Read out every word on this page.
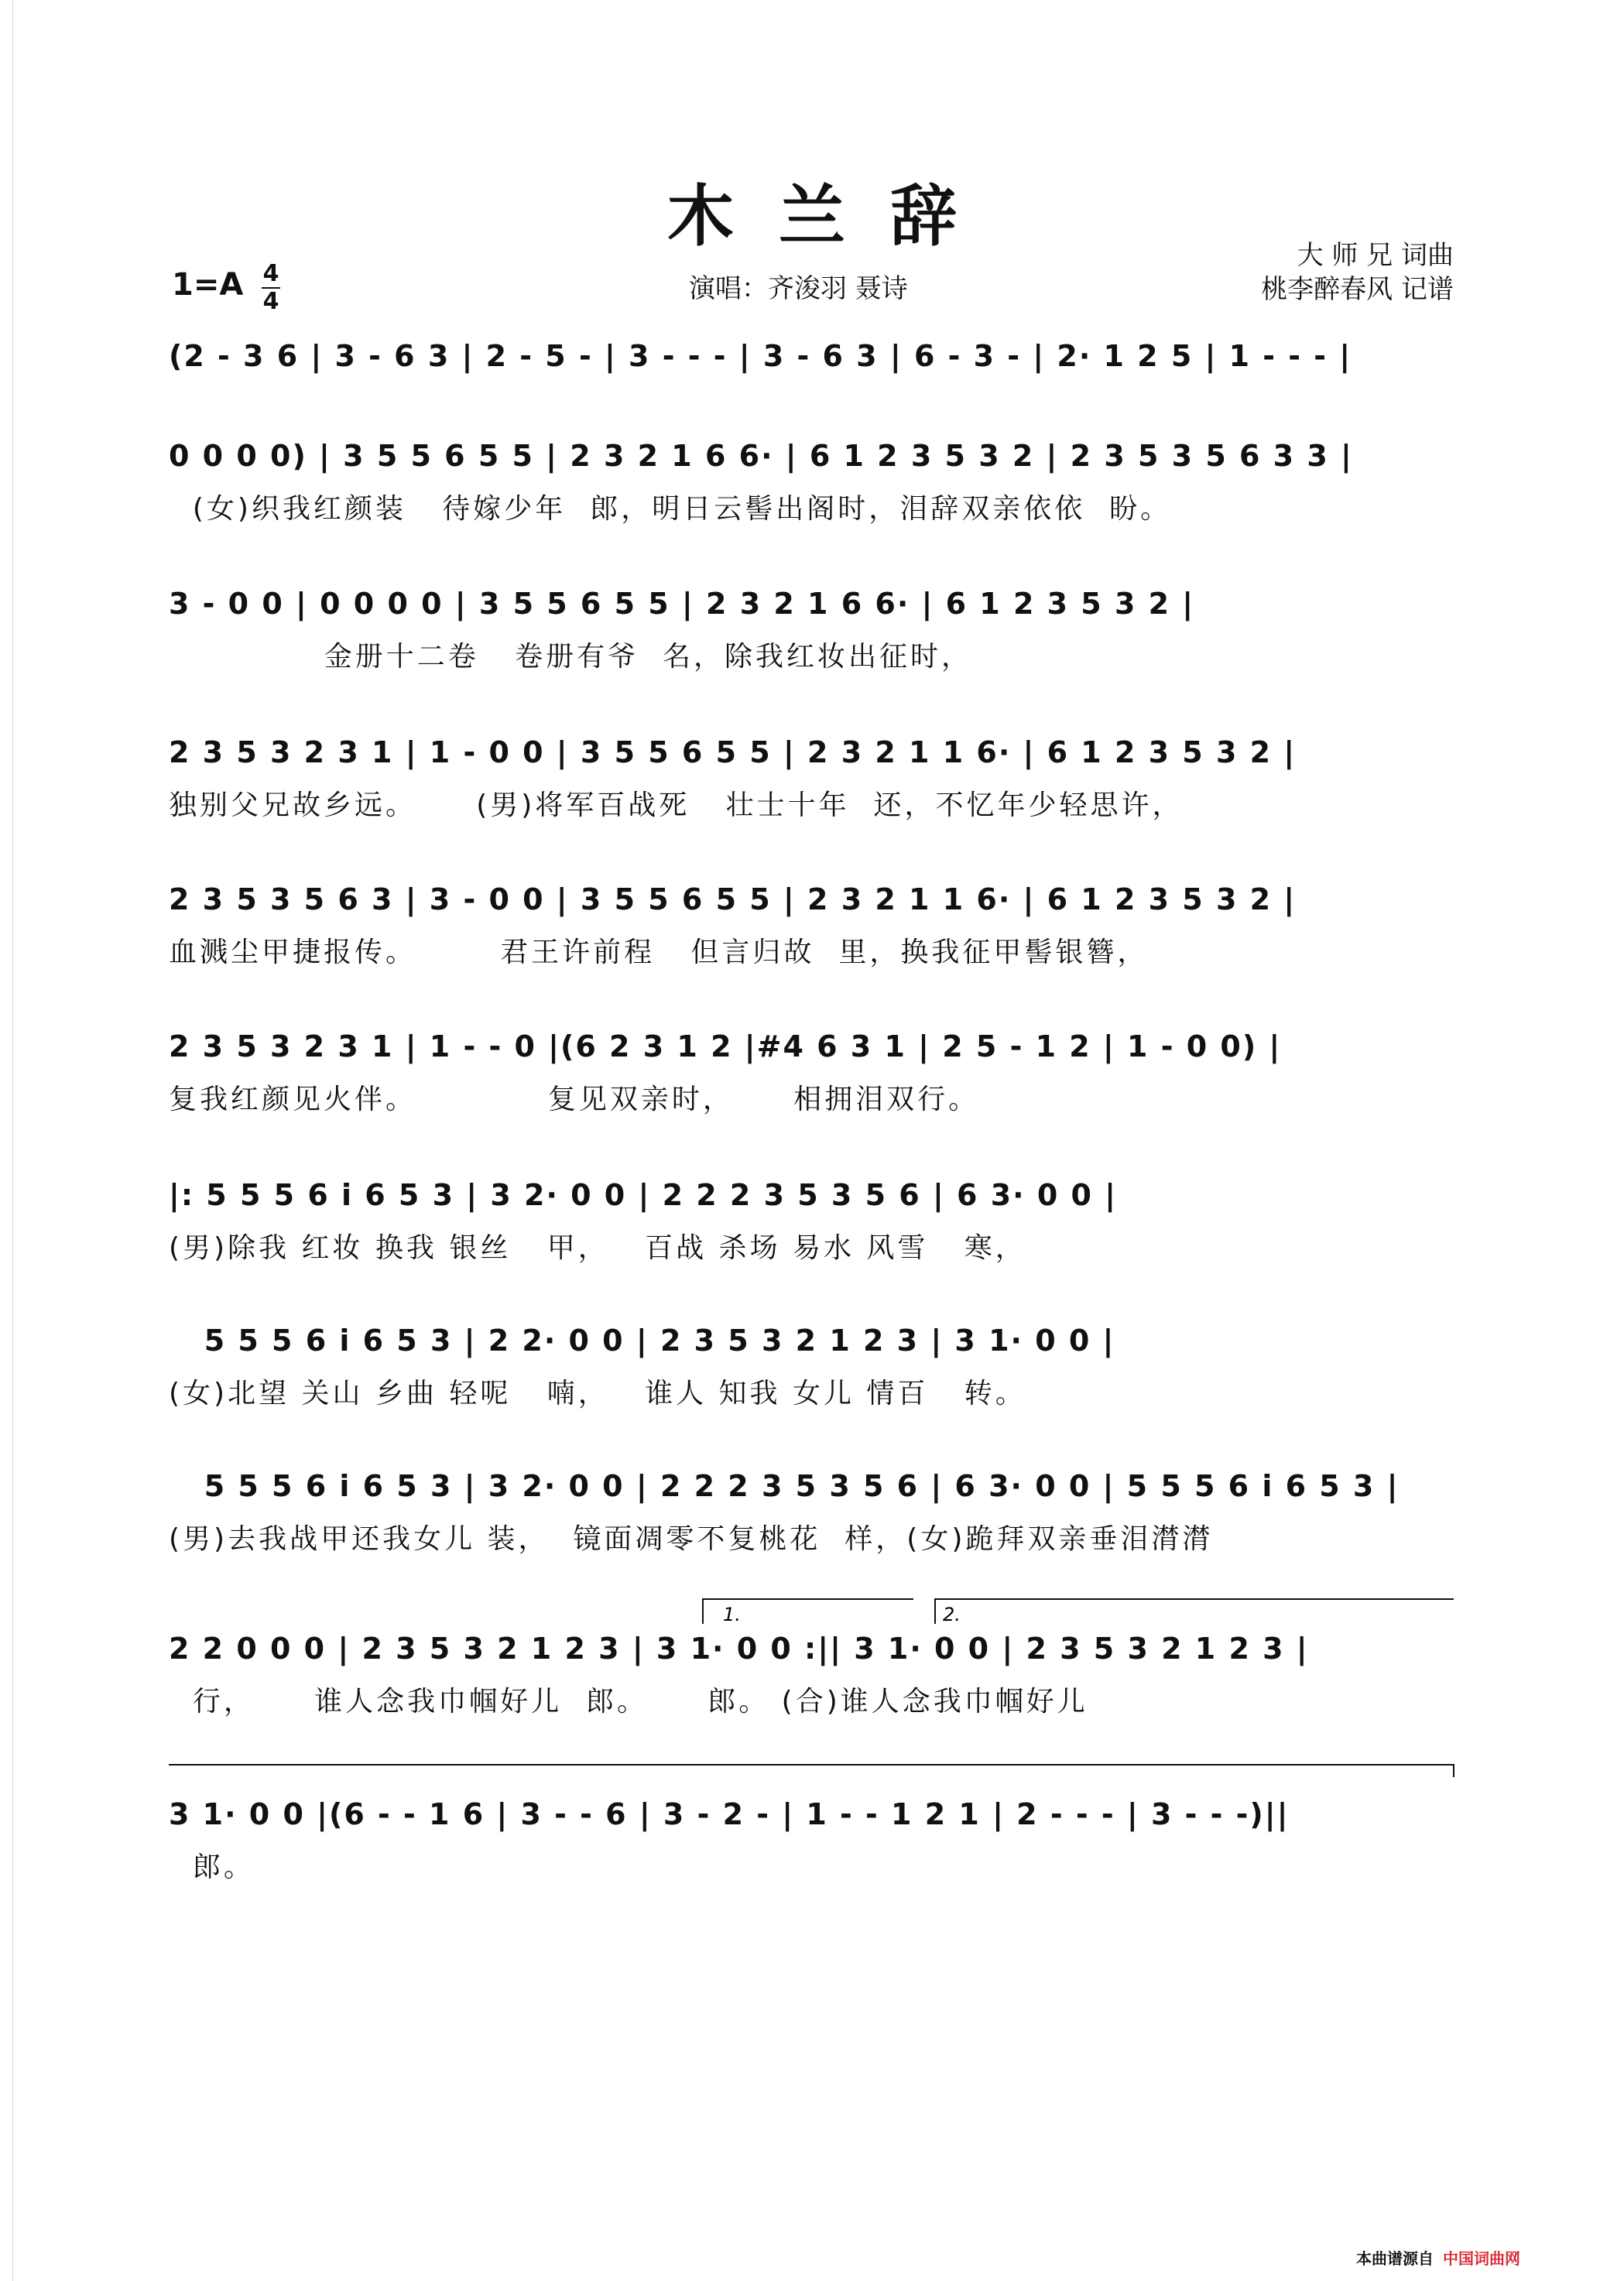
木兰辞	大 师 兄 词曲
桃李醉春风 记谱
1=A 4
4	演唱：齐浚羽 聂诗
(2 - 3 6 | 3 - 6 3 | 2 - 5 - | 3 - - - | 3 - 6 3 | 6 - 3 - | 2· 1 2 5 | 1 - - - |
0 0 0 0) | 3 5 5 6 5 5 | 2 3 2 1 6 6· | 6 1 2 3 5 3 2 | 2 3 5 3 5 6 3 3 |
(女)织我红颜装   待嫁少年  郎，明日云髻出阁时，泪辞双亲依依  盼。
3 - 0 0 | 0 0 0 0 | 3 5 5 6 5 5 | 2 3 2 1 6 6· | 6 1 2 3 5 3 2 |
金册十二卷   卷册有爷  名，除我红妆出征时，
2 3 5 3 2 3 1 | 1 - 0 0 | 3 5 5 6 5 5 | 2 3 2 1 1 6· | 6 1 2 3 5 3 2 |
独别父兄故乡远。     (男)将军百战死   壮士十年  还，不忆年少轻思许，
2 3 5 3 5 6 3 | 3 - 0 0 | 3 5 5 6 5 5 | 2 3 2 1 1 6· | 6 1 2 3 5 3 2 |
血溅尘甲捷报传。       君王许前程   但言归故  里，换我征甲髻银簪，
2 3 5 3 2 3 1 | 1 - - 0 |(6 2 3 1 2 |#4 6 3 1 | 2 5 - 1 2 | 1 - 0 0) |
复我红颜见火伴。           复见双亲时，     相拥泪双行。
|: 5 5 5 6 i 6 5 3 | 3 2· 0 0 | 2 2 2 3 5 3 5 6 | 6 3· 0 0 |
(男)除我 红妆 换我 银丝   甲，   百战 杀场 易水 风雪   寒，
5 5 5 6 i 6 5 3 | 2 2· 0 0 | 2 3 5 3 2 1 2 3 | 3 1· 0 0 |
(女)北望 关山 乡曲 轻呢   喃，   谁人 知我 女儿 情百   转。
5 5 5 6 i 6 5 3 | 3 2· 0 0 | 2 2 2 3 5 3 5 6 | 6 3· 0 0 | 5 5 5 6 i 6 5 3 |
(男)去我战甲还我女儿 装，  镜面凋零不复桃花  样，(女)跪拜双亲垂泪潸潸
2 2 0 0 0 | 2 3 5 3 2 1 2 3 | 3 1· 0 0 :|| 3 1· 0 0 | 2 3 5 3 2 1 2 3 |
行，     谁人念我巾帼好儿  郎。     郎。 (合)谁人念我巾帼好儿
3 1· 0 0 |(6 - - 1 6 | 3 - - 6 | 3 - 2 - | 1 - - 1 2 1 | 2 - - - | 3 - - -)||
郎。
1.	2.
本曲谱源自 中国词曲网
